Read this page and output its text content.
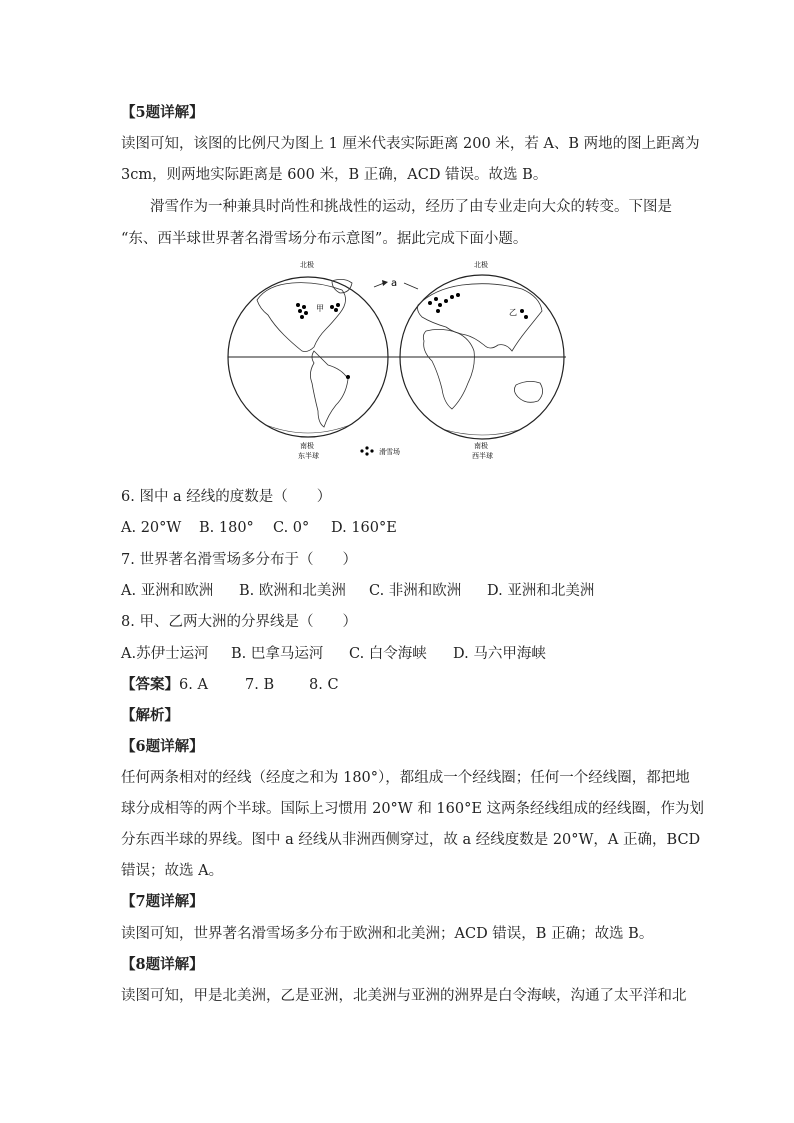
【5题详解】
读图可知，该图的比例尺为图上 1 厘米代表实际距离 200 米，若 A、B 两地的图上距离为
3cm，则两地实际距离是 600 米，B 正确，ACD 错误。故选 B。
滑雪作为一种兼具时尚性和挑战性的运动，经历了由专业走向大众的转变。下图是
“东、西半球世界著名滑雪场分布示意图”。据此完成下面小题。
甲	乙
a
北极	北极
南极	南极
东半球	西半球
滑雪场
6. 图中 a 经线的度数是（　　）
A. 20°W B. 180° C. 0° D. 160°E
7. 世界著名滑雪场多分布于（　　）
A. 亚洲和欧洲 B. 欧洲和北美洲 C. 非洲和欧洲 D. 亚洲和北美洲
8. 甲、乙两大洲的分界线是（　　）
A.苏伊士运河 B. 巴拿马运河 C. 白令海峡 D. 马六甲海峡
【答案】6. A	7. B 8. C
【解析】
【6题详解】
任何两条相对的经线（经度之和为 180°），都组成一个经线圈；任何一个经线圈，都把地
球分成相等的两个半球。国际上习惯用 20°W 和 160°E 这两条经线组成的经线圈，作为划
分东西半球的界线。图中 a 经线从非洲西侧穿过，故 a 经线度数是 20°W，A 正确，BCD
错误；故选 A。
【7题详解】
读图可知，世界著名滑雪场多分布于欧洲和北美洲；ACD 错误，B 正确；故选 B。
【8题详解】
读图可知，甲是北美洲，乙是亚洲，北美洲与亚洲的洲界是白令海峡，沟通了太平洋和北
